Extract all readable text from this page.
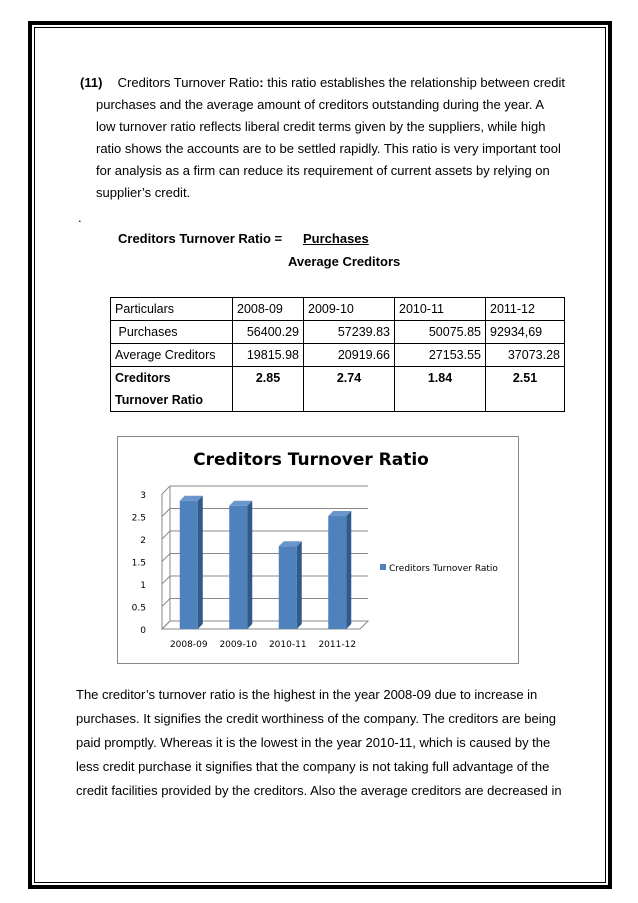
(11)	Creditors Turnover Ratio: this ratio establishes the relationship between credit
purchases and the average amount of creditors outstanding during the year. A
low turnover ratio reflects liberal credit terms given by the suppliers, while high
ratio shows the accounts are to be settled rapidly. This ratio is very important tool
for analysis as a firm can reduce its requirement of current assets by relying on
supplier’s credit.
.
Creditors Turnover Ratio = Purchases
Average Creditors
Particulars	2008-09	2009-10	2010-11	2011-12
Purchases	56400.29	57239.83	50075.85	92934,69
Average Creditors	19815.98	20919.66	27153.55	37073.28
Creditors
Turnover Ratio	2.85	2.74	1.84	2.51
Creditors Turnover Ratio
0
0.5
1
1.5
2
2.5
3
2008-09 2009-10 2010-11 2011-12
Creditors Turnover Ratio
The creditor’s turnover ratio is the highest in the year 2008-09 due to increase in
purchases. It signifies the credit worthiness of the company. The creditors are being
paid promptly. Whereas it is the lowest in the year 2010-11, which is caused by the
less credit purchase it signifies that the company is not taking full advantage of the
credit facilities provided by the creditors. Also the average creditors are decreased in
